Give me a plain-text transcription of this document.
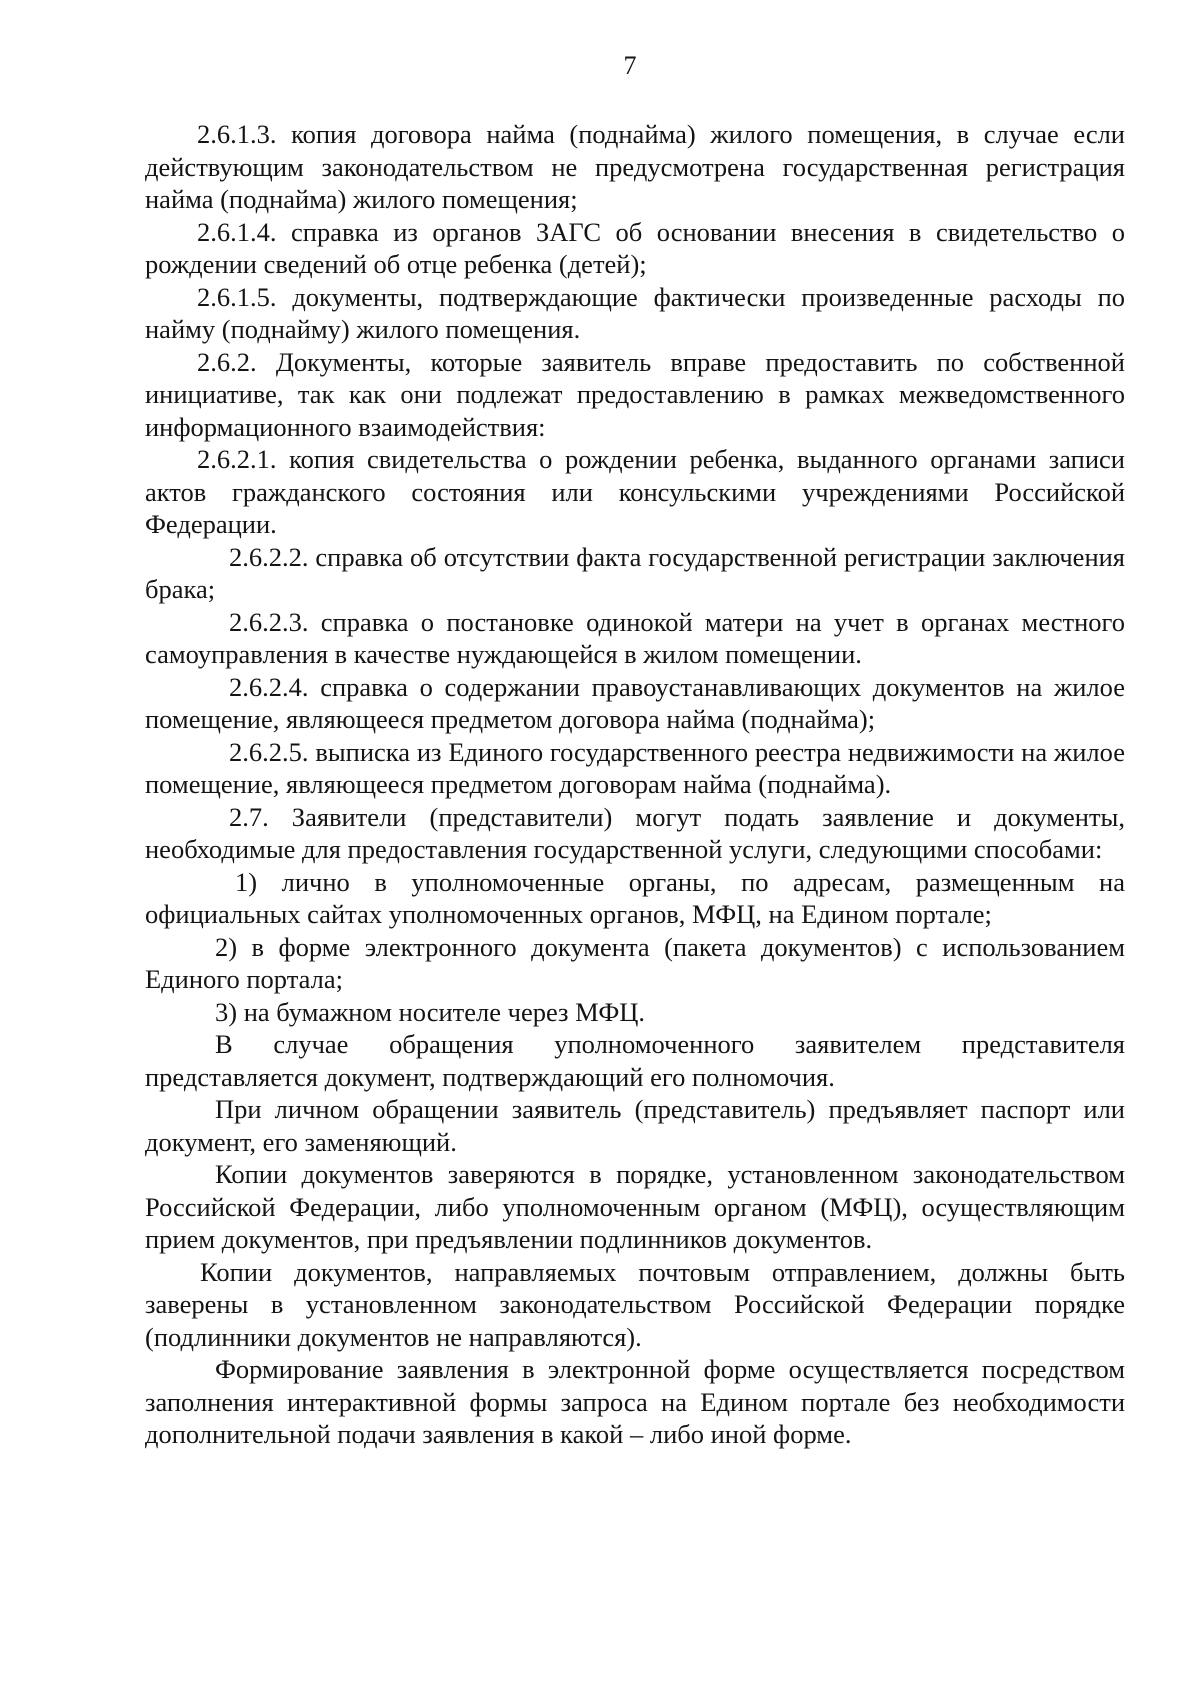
7

2.6.1.3. копия договора найма (поднайма) жилого помещения, в случае если действующим законодательством не предусмотрена государственная регистрация найма (поднайма) жилого помещения;

2.6.1.4. справка из органов ЗАГС об основании внесения в свидетельство о рождении сведений об отце ребенка (детей);

2.6.1.5. документы, подтверждающие фактически произведенные расходы по найму (поднайму) жилого помещения.

2.6.2. Документы, которые заявитель вправе предоставить по собственной инициативе, так как они подлежат предоставлению в рамках межведомственного информационного взаимодействия:

2.6.2.1. копия свидетельства о рождении ребенка, выданного органами записи актов гражданского состояния или консульскими учреждениями Российской Федерации.

2.6.2.2. справка об отсутствии факта государственной регистрации заключения брака;

2.6.2.3. справка о постановке одинокой матери на учет в органах местного самоуправления в качестве нуждающейся в жилом помещении.

2.6.2.4. справка о содержании правоустанавливающих документов на жилое помещение, являющееся предметом договора найма (поднайма);

2.6.2.5. выписка из Единого государственного реестра недвижимости на жилое помещение, являющееся предметом договорам найма (поднайма).

2.7. Заявители (представители) могут подать заявление и документы, необходимые для предоставления государственной услуги, следующими способами:

1) лично в уполномоченные органы, по адресам, размещенным на официальных сайтах уполномоченных органов, МФЦ, на Едином портале;

2) в форме электронного документа (пакета документов) с использованием Единого портала;

3) на бумажном носителе через МФЦ.

В случае обращения уполномоченного заявителем представителя представляется документ, подтверждающий его полномочия.

При личном обращении заявитель (представитель) предъявляет паспорт или документ, его заменяющий.

Копии документов заверяются в порядке, установленном законодательством Российской Федерации, либо уполномоченным органом (МФЦ), осуществляющим прием документов, при предъявлении подлинников документов.

Копии документов, направляемых почтовым отправлением, должны быть заверены в установленном законодательством Российской Федерации порядке (подлинники документов не направляются).

Формирование заявления в электронной форме осуществляется посредством заполнения интерактивной формы запроса на Едином портале без необходимости дополнительной подачи заявления в какой – либо иной форме.
